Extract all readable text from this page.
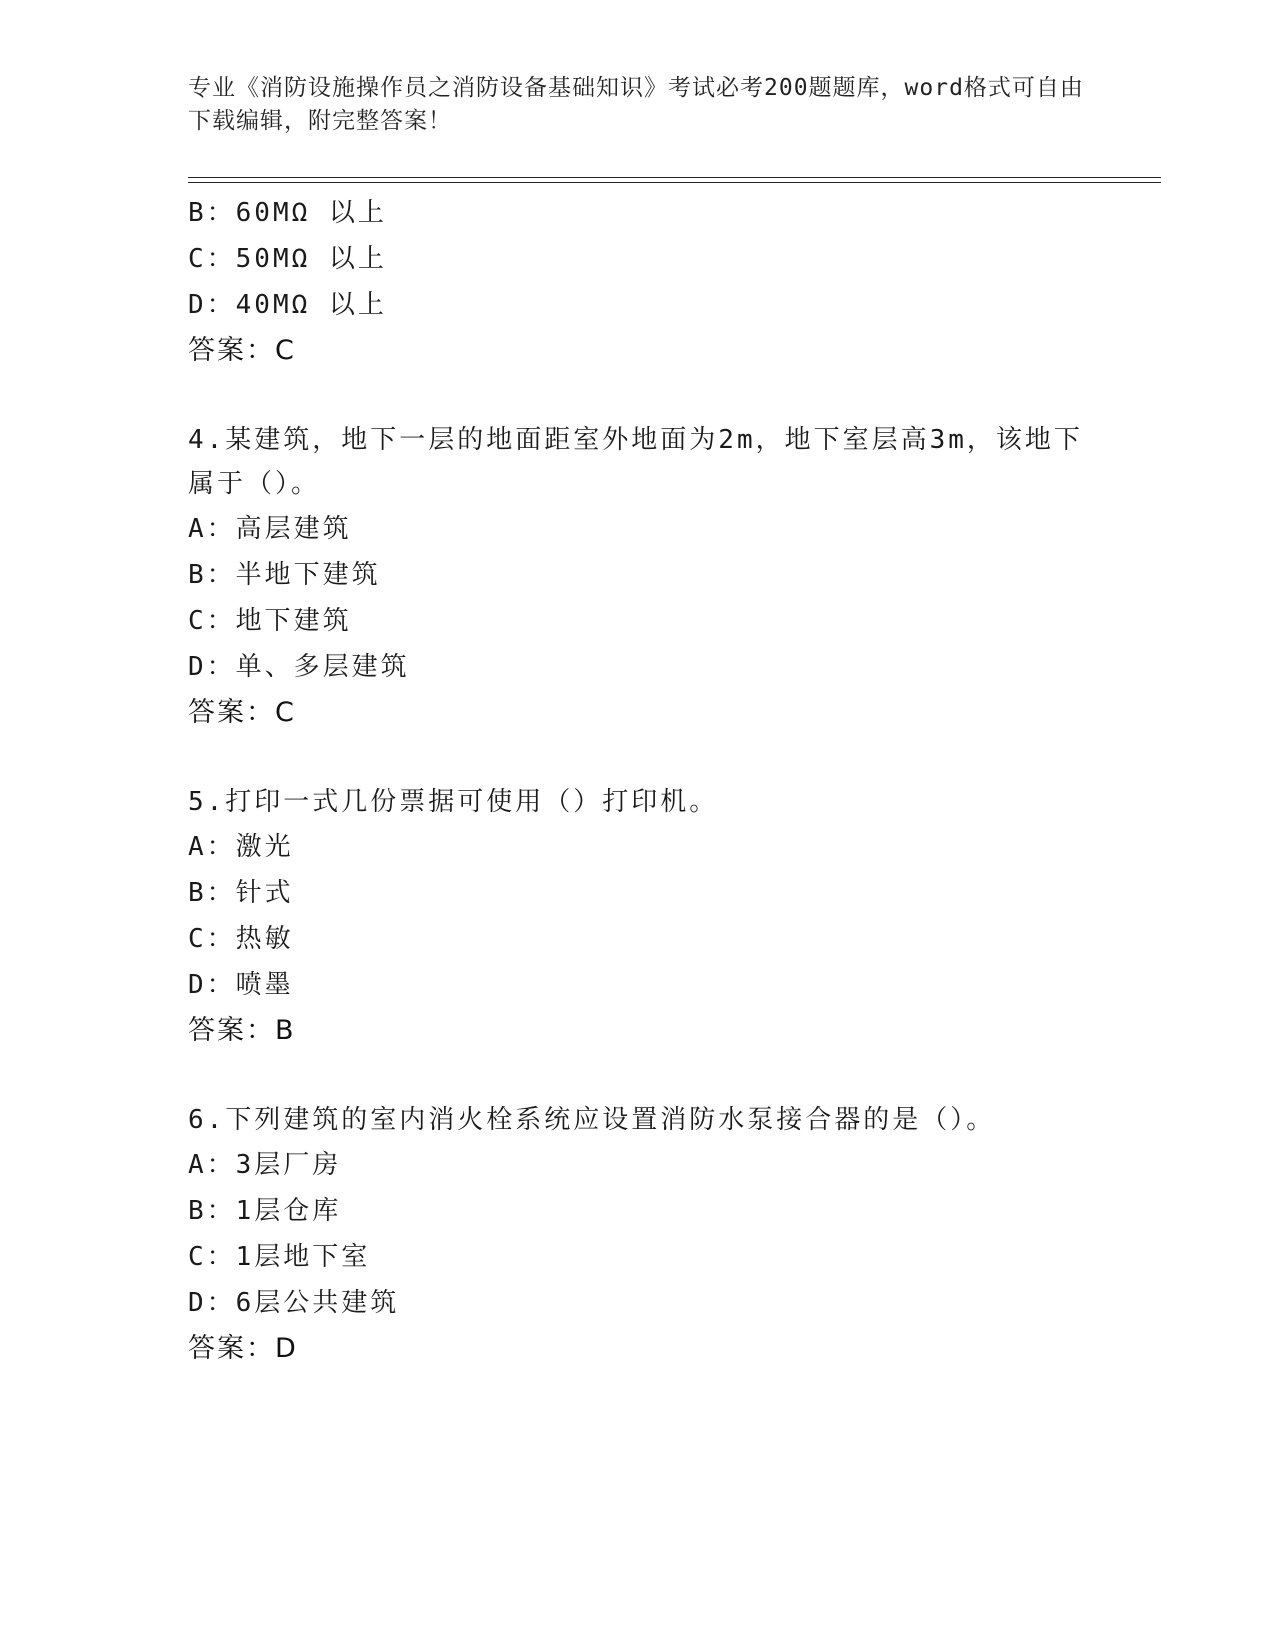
专业《消防设施操作员之消防设备基础知识》考试必考200题题库，word格式可自由下载编辑，附完整答案！
B：60MΩ 以上
C：50MΩ 以上
D：40MΩ 以上
答案：C
4.某建筑，地下一层的地面距室外地面为2m，地下室层高3m，该地下属于（）。
A：高层建筑
B：半地下建筑
C：地下建筑
D：单、多层建筑
答案：C
5.打印一式几份票据可使用（）打印机。
A：激光
B：针式
C：热敏
D：喷墨
答案：B
6.下列建筑的室内消火栓系统应设置消防水泵接合器的是（）。
A：3层厂房
B：1层仓库
C：1层地下室
D：6层公共建筑
答案：D
